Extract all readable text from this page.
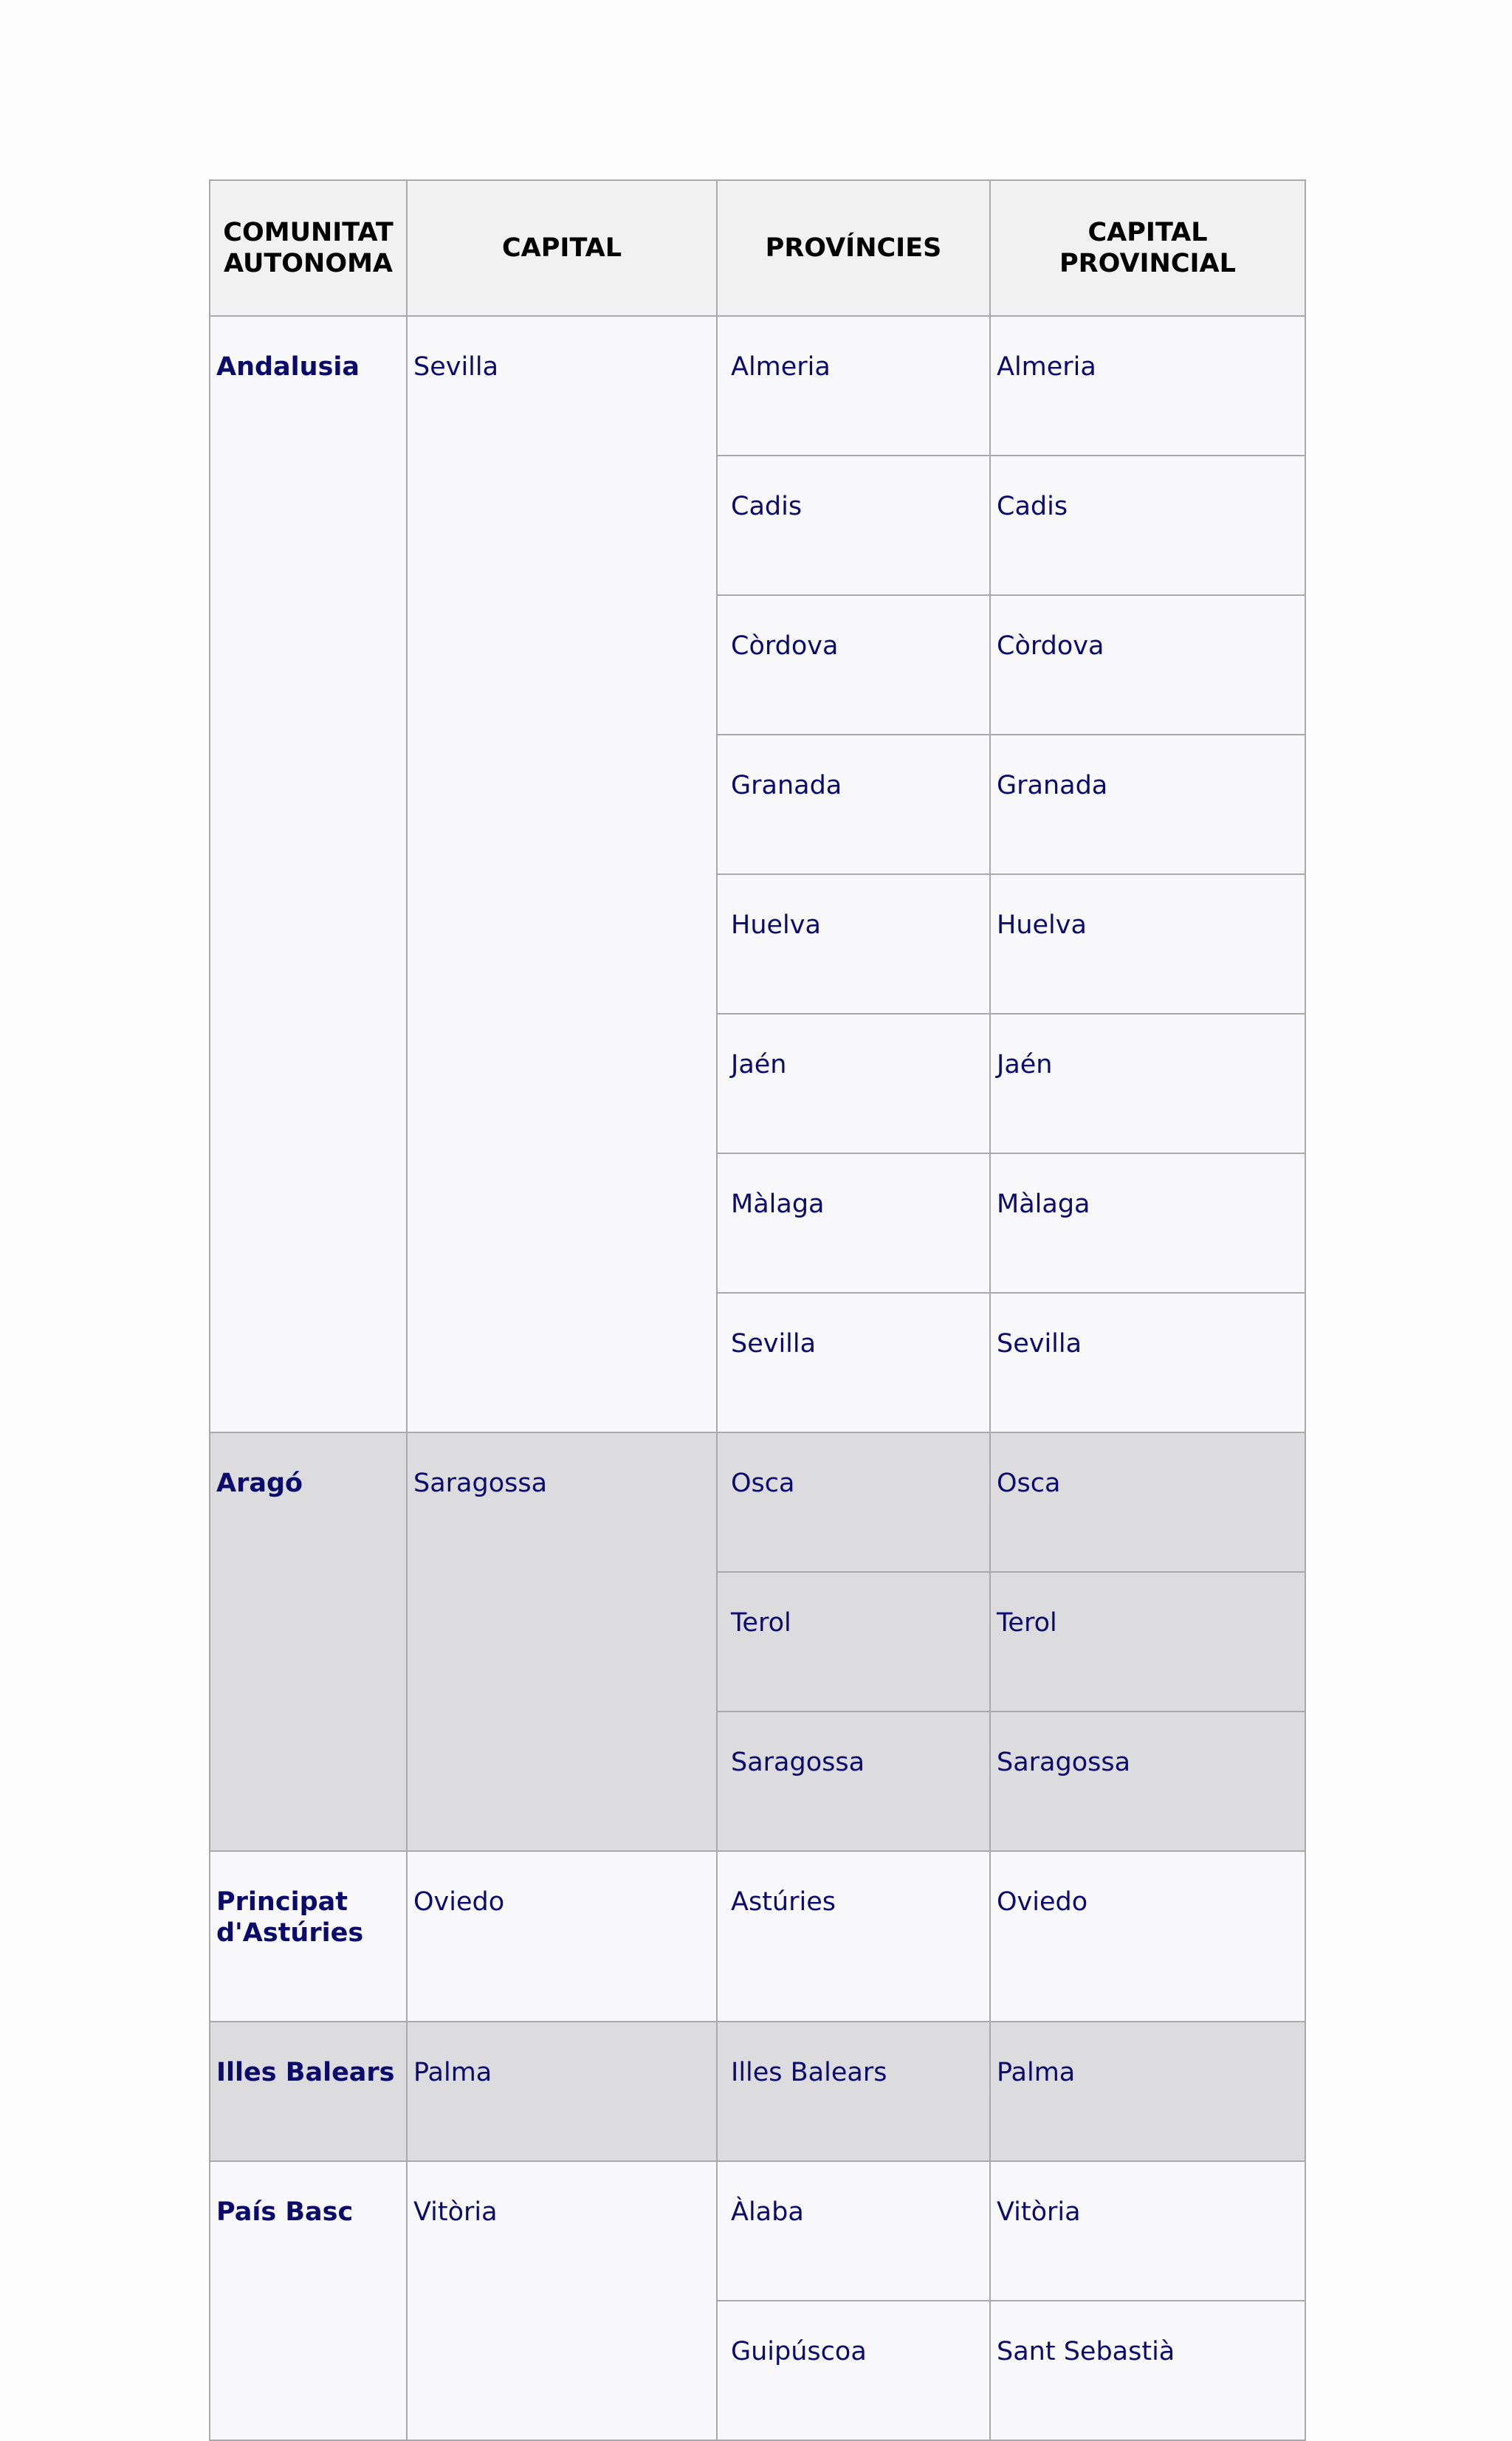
COMUNITAT AUTONOMA	CAPITAL	PROVÍNCIES	CAPITAL PROVINCIAL
Andalusia	Sevilla	Almeria	Almeria
		Cadis	Cadis
		Còrdova	Còrdova
		Granada	Granada
		Huelva	Huelva
		Jaén	Jaén
		Màlaga	Màlaga
		Sevilla	Sevilla
Aragó	Saragossa	Osca	Osca
		Terol	Terol
		Saragossa	Saragossa
Principat d'Astúries	Oviedo	Astúries	Oviedo
Illes Balears	Palma	Illes Balears	Palma
País Basc	Vitòria	Àlaba	Vitòria
		Guipúscoa	Sant Sebastià
